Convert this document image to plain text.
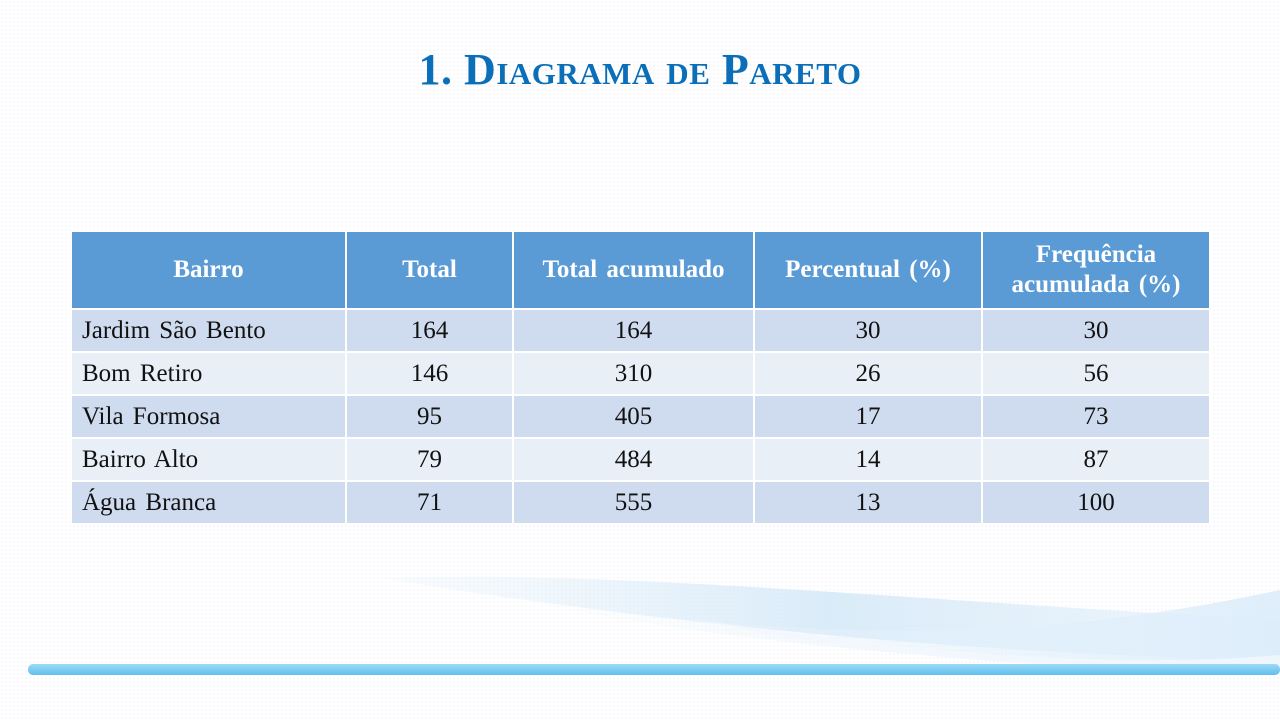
1. Diagrama de Pareto
Bairro	Total	Total acumulado	Percentual (%)	Frequência acumulada (%)
Jardim São Bento	164	164	30	30
Bom Retiro	146	310	26	56
Vila Formosa	95	405	17	73
Bairro Alto	79	484	14	87
Água Branca	71	555	13	100
